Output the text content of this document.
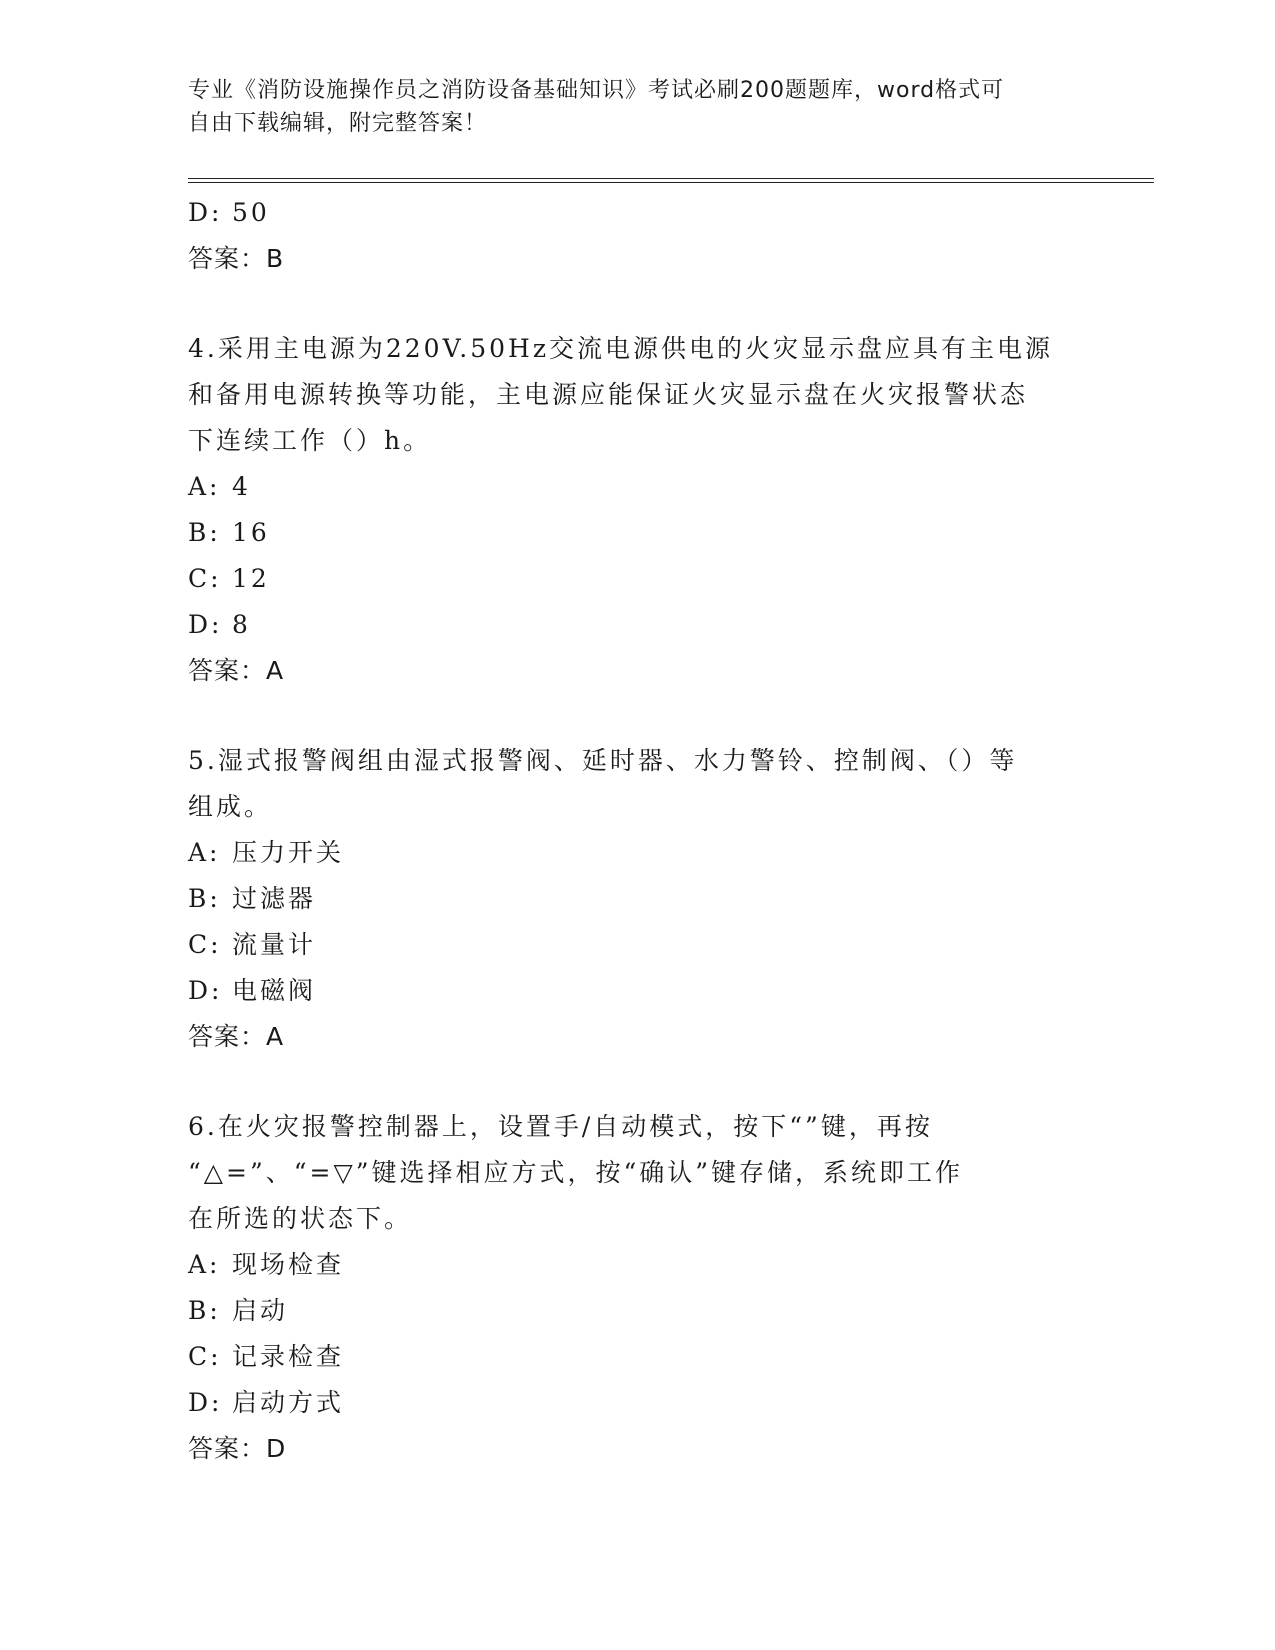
专业《消防设施操作员之消防设备基础知识》考试必刷200题题库，word格式可
自由下载编辑，附完整答案！
D: 50
答案：B
4.采用主电源为220V.50Hz交流电源供电的火灾显示盘应具有主电源
和备用电源转换等功能，主电源应能保证火灾显示盘在火灾报警状态
下连续工作（）h。
A: 4
B: 16
C: 12
D: 8
答案：A
5.湿式报警阀组由湿式报警阀、延时器、水力警铃、控制阀、（）等
组成。
A: 压力开关
B: 过滤器
C: 流量计
D: 电磁阀
答案：A
6.在火灾报警控制器上，设置手/自动模式，按下“”键，再按
“△=”、“=▽”键选择相应方式，按“确认”键存储，系统即工作
在所选的状态下。
A: 现场检查
B: 启动
C: 记录检查
D: 启动方式
答案：D
